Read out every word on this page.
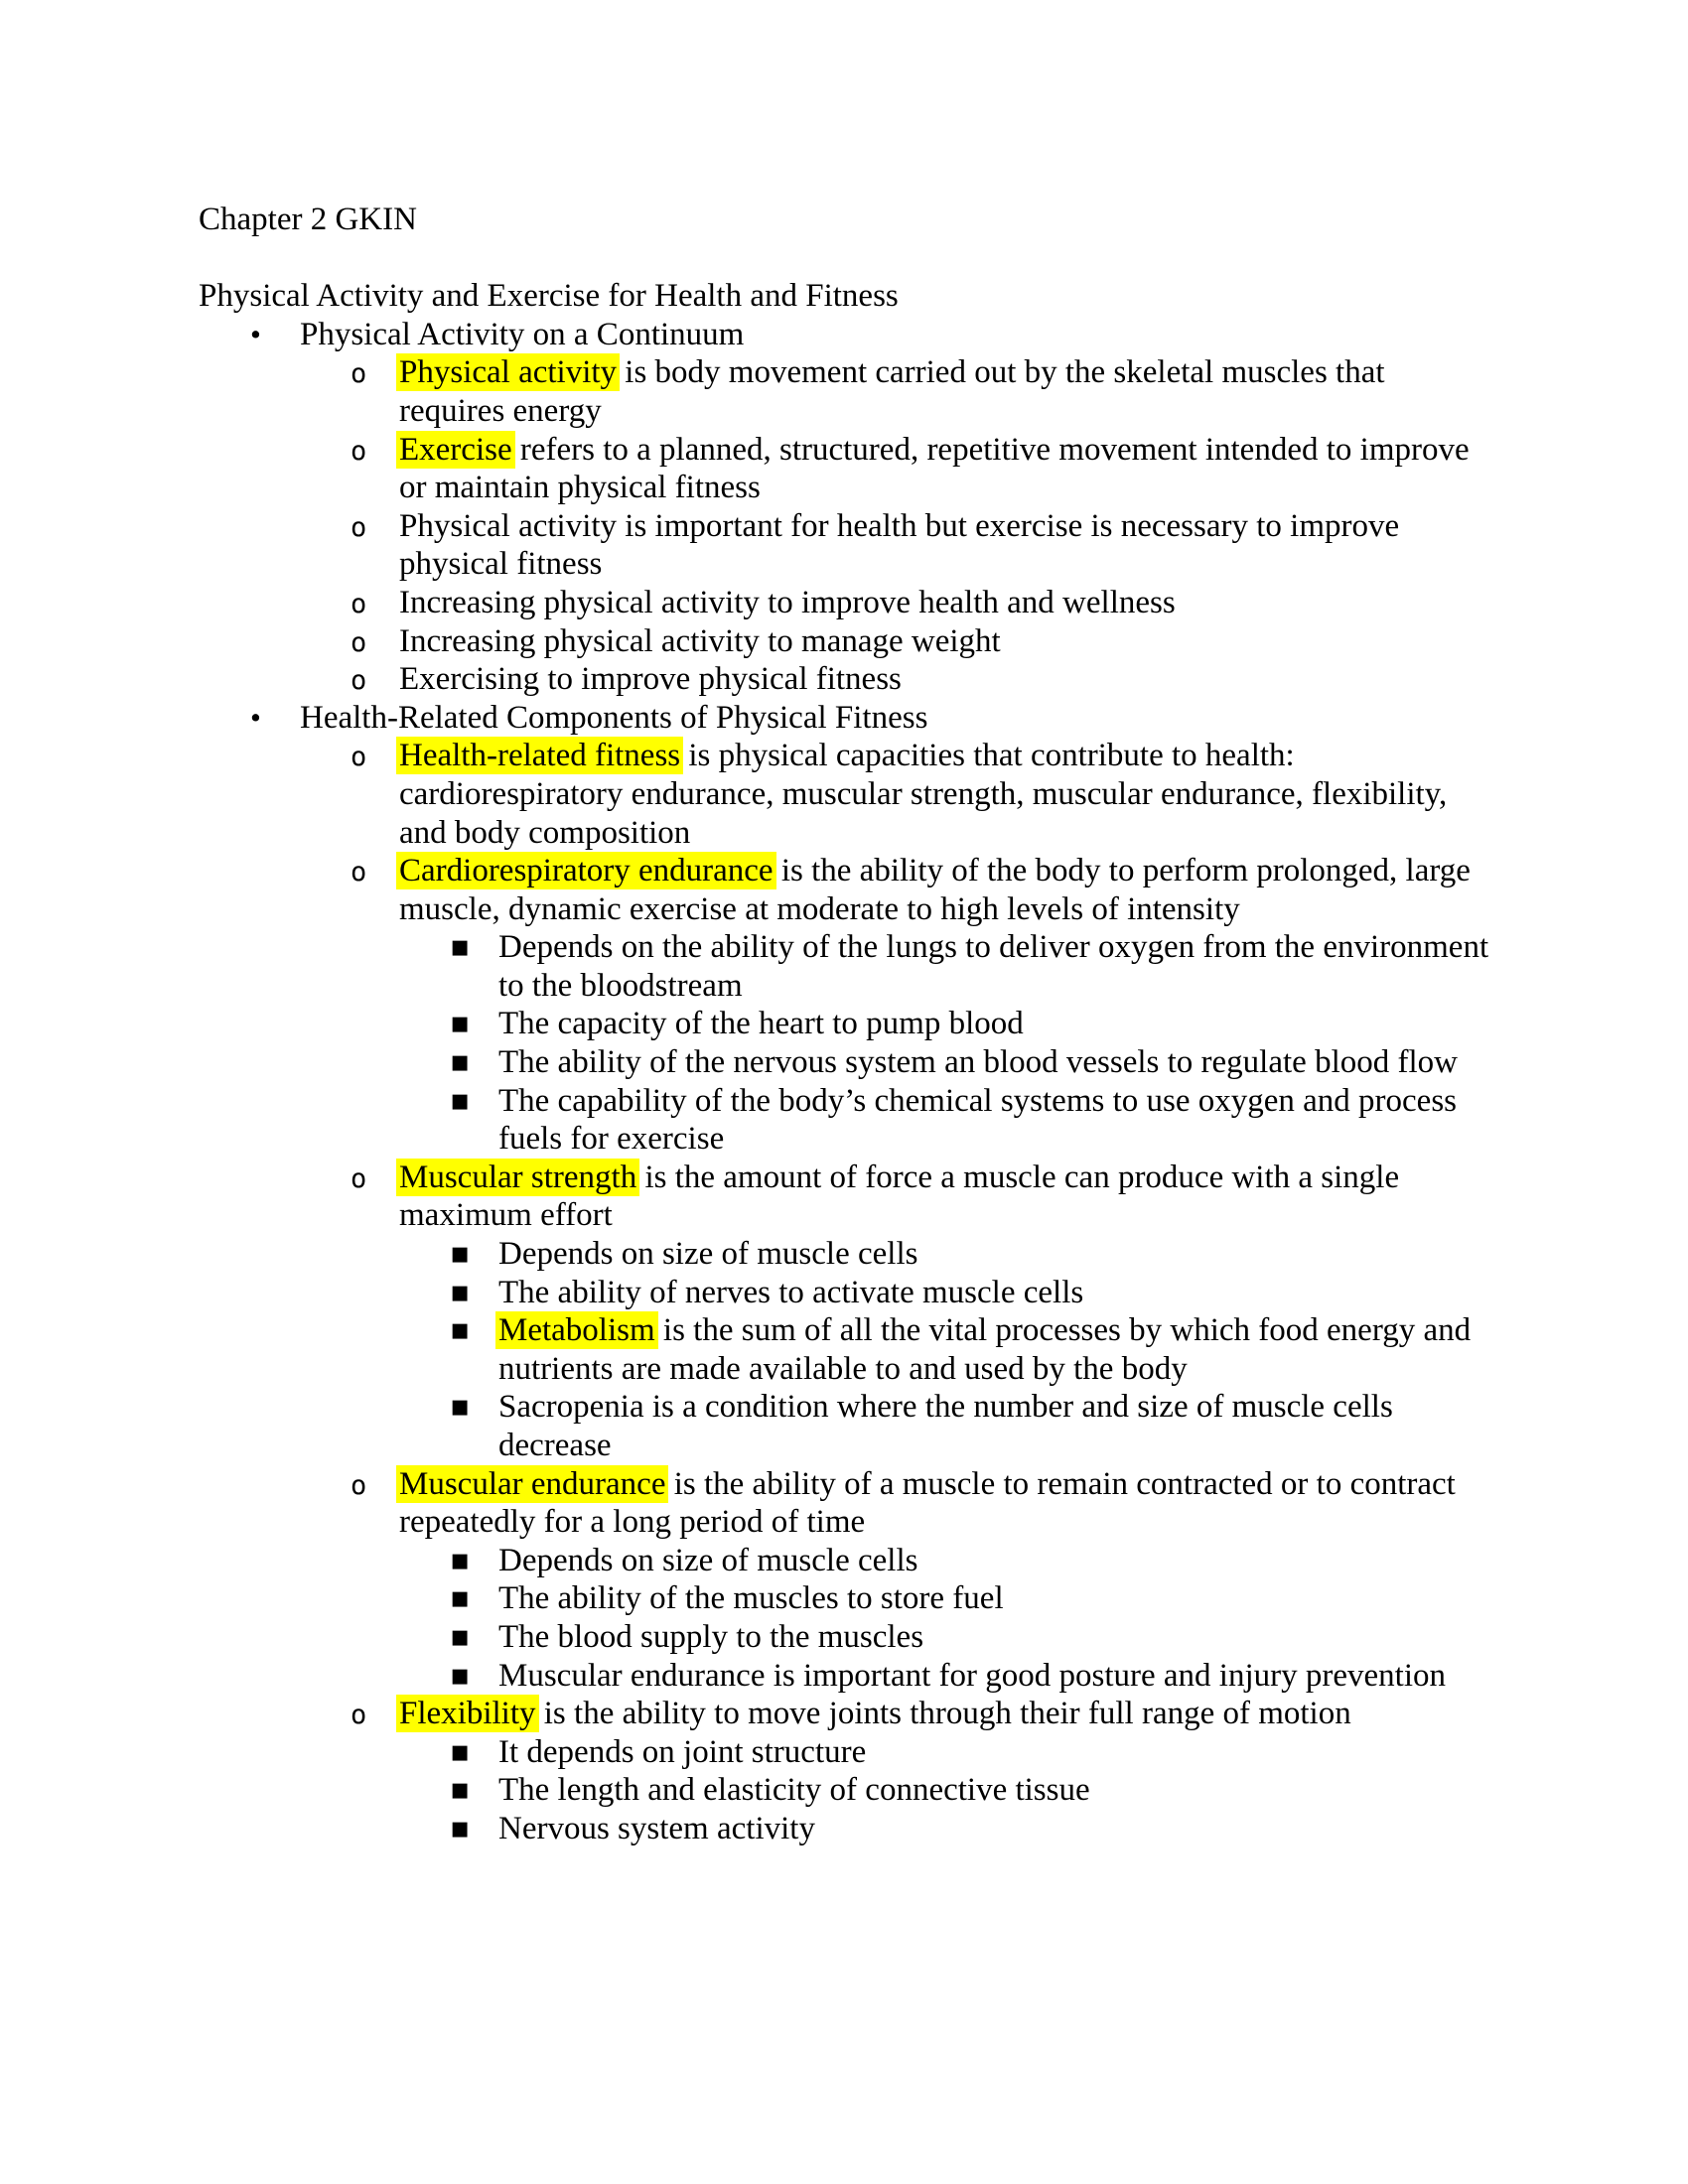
Chapter 2 GKIN

Physical Activity and Exercise for Health and Fitness

• Physical Activity on a Continuum
o Physical activity is body movement carried out by the skeletal muscles that requires energy
o Exercise refers to a planned, structured, repetitive movement intended to improve or maintain physical fitness
o Physical activity is important for health but exercise is necessary to improve physical fitness
o Increasing physical activity to improve health and wellness
o Increasing physical activity to manage weight
o Exercising to improve physical fitness
• Health-Related Components of Physical Fitness
o Health-related fitness is physical capacities that contribute to health: cardiorespiratory endurance, muscular strength, muscular endurance, flexibility, and body composition
o Cardiorespiratory endurance is the ability of the body to perform prolonged, large muscle, dynamic exercise at moderate to high levels of intensity
▪ Depends on the ability of the lungs to deliver oxygen from the environment to the bloodstream
▪ The capacity of the heart to pump blood
▪ The ability of the nervous system an blood vessels to regulate blood flow
▪ The capability of the body’s chemical systems to use oxygen and process fuels for exercise
o Muscular strength is the amount of force a muscle can produce with a single maximum effort
▪ Depends on size of muscle cells
▪ The ability of nerves to activate muscle cells
▪ Metabolism is the sum of all the vital processes by which food energy and nutrients are made available to and used by the body
▪ Sacropenia is a condition where the number and size of muscle cells decrease
o Muscular endurance is the ability of a muscle to remain contracted or to contract repeatedly for a long period of time
▪ Depends on size of muscle cells
▪ The ability of the muscles to store fuel
▪ The blood supply to the muscles
▪ Muscular endurance is important for good posture and injury prevention
o Flexibility is the ability to move joints through their full range of motion
▪ It depends on joint structure
▪ The length and elasticity of connective tissue
▪ Nervous system activity
